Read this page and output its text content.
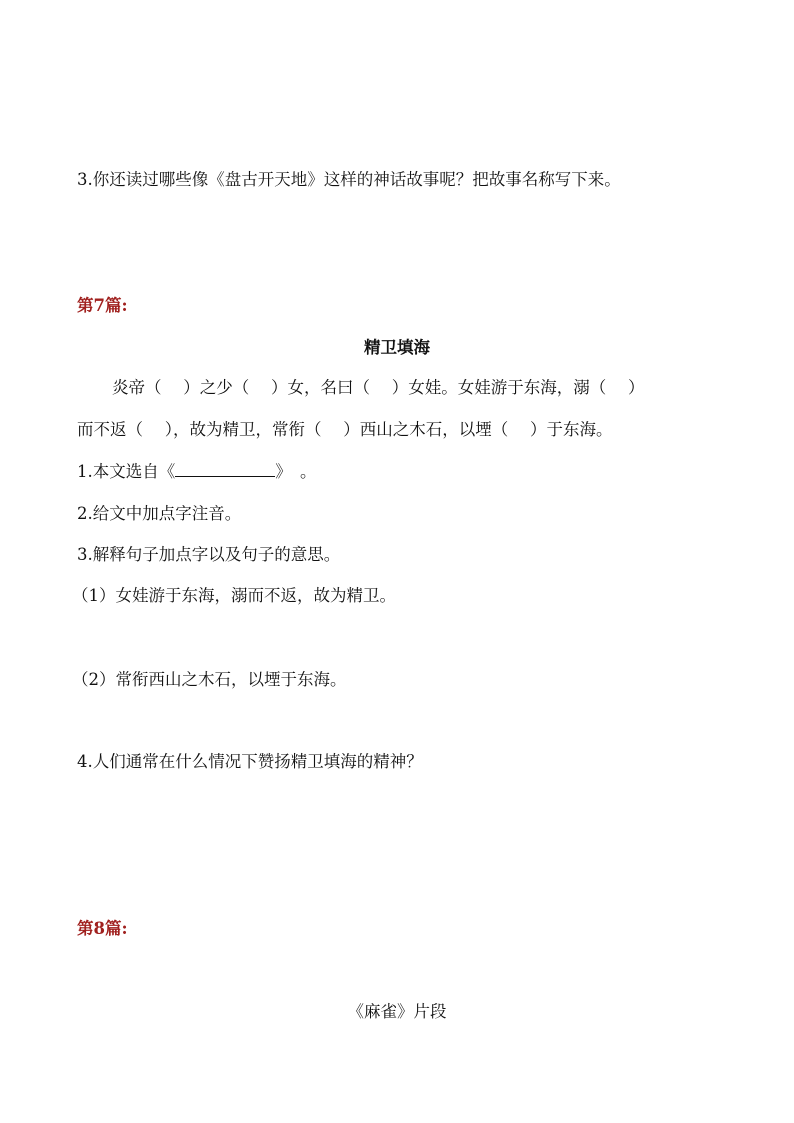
3.你还读过哪些像《盘古开天地》这样的神话故事呢？把故事名称写下来。
第7篇:
精卫填海
炎帝（　 ）之少（　 ）女，名曰（　 ）女娃。女娃游于东海，溺（　 ）
而不返（　 ），故为精卫，常衔（　 ）西山之木石，以堙（　 ）于东海。
1.本文选自《	》　。
2.给文中加点字注音。
3.解释句子加点字以及句子的意思。
（1）女娃游于东海，溺而不返，故为精卫。
（2）常衔西山之木石，以堙于东海。
4.人们通常在什么情况下赞扬精卫填海的精神？
第8篇:
《麻雀》片段
